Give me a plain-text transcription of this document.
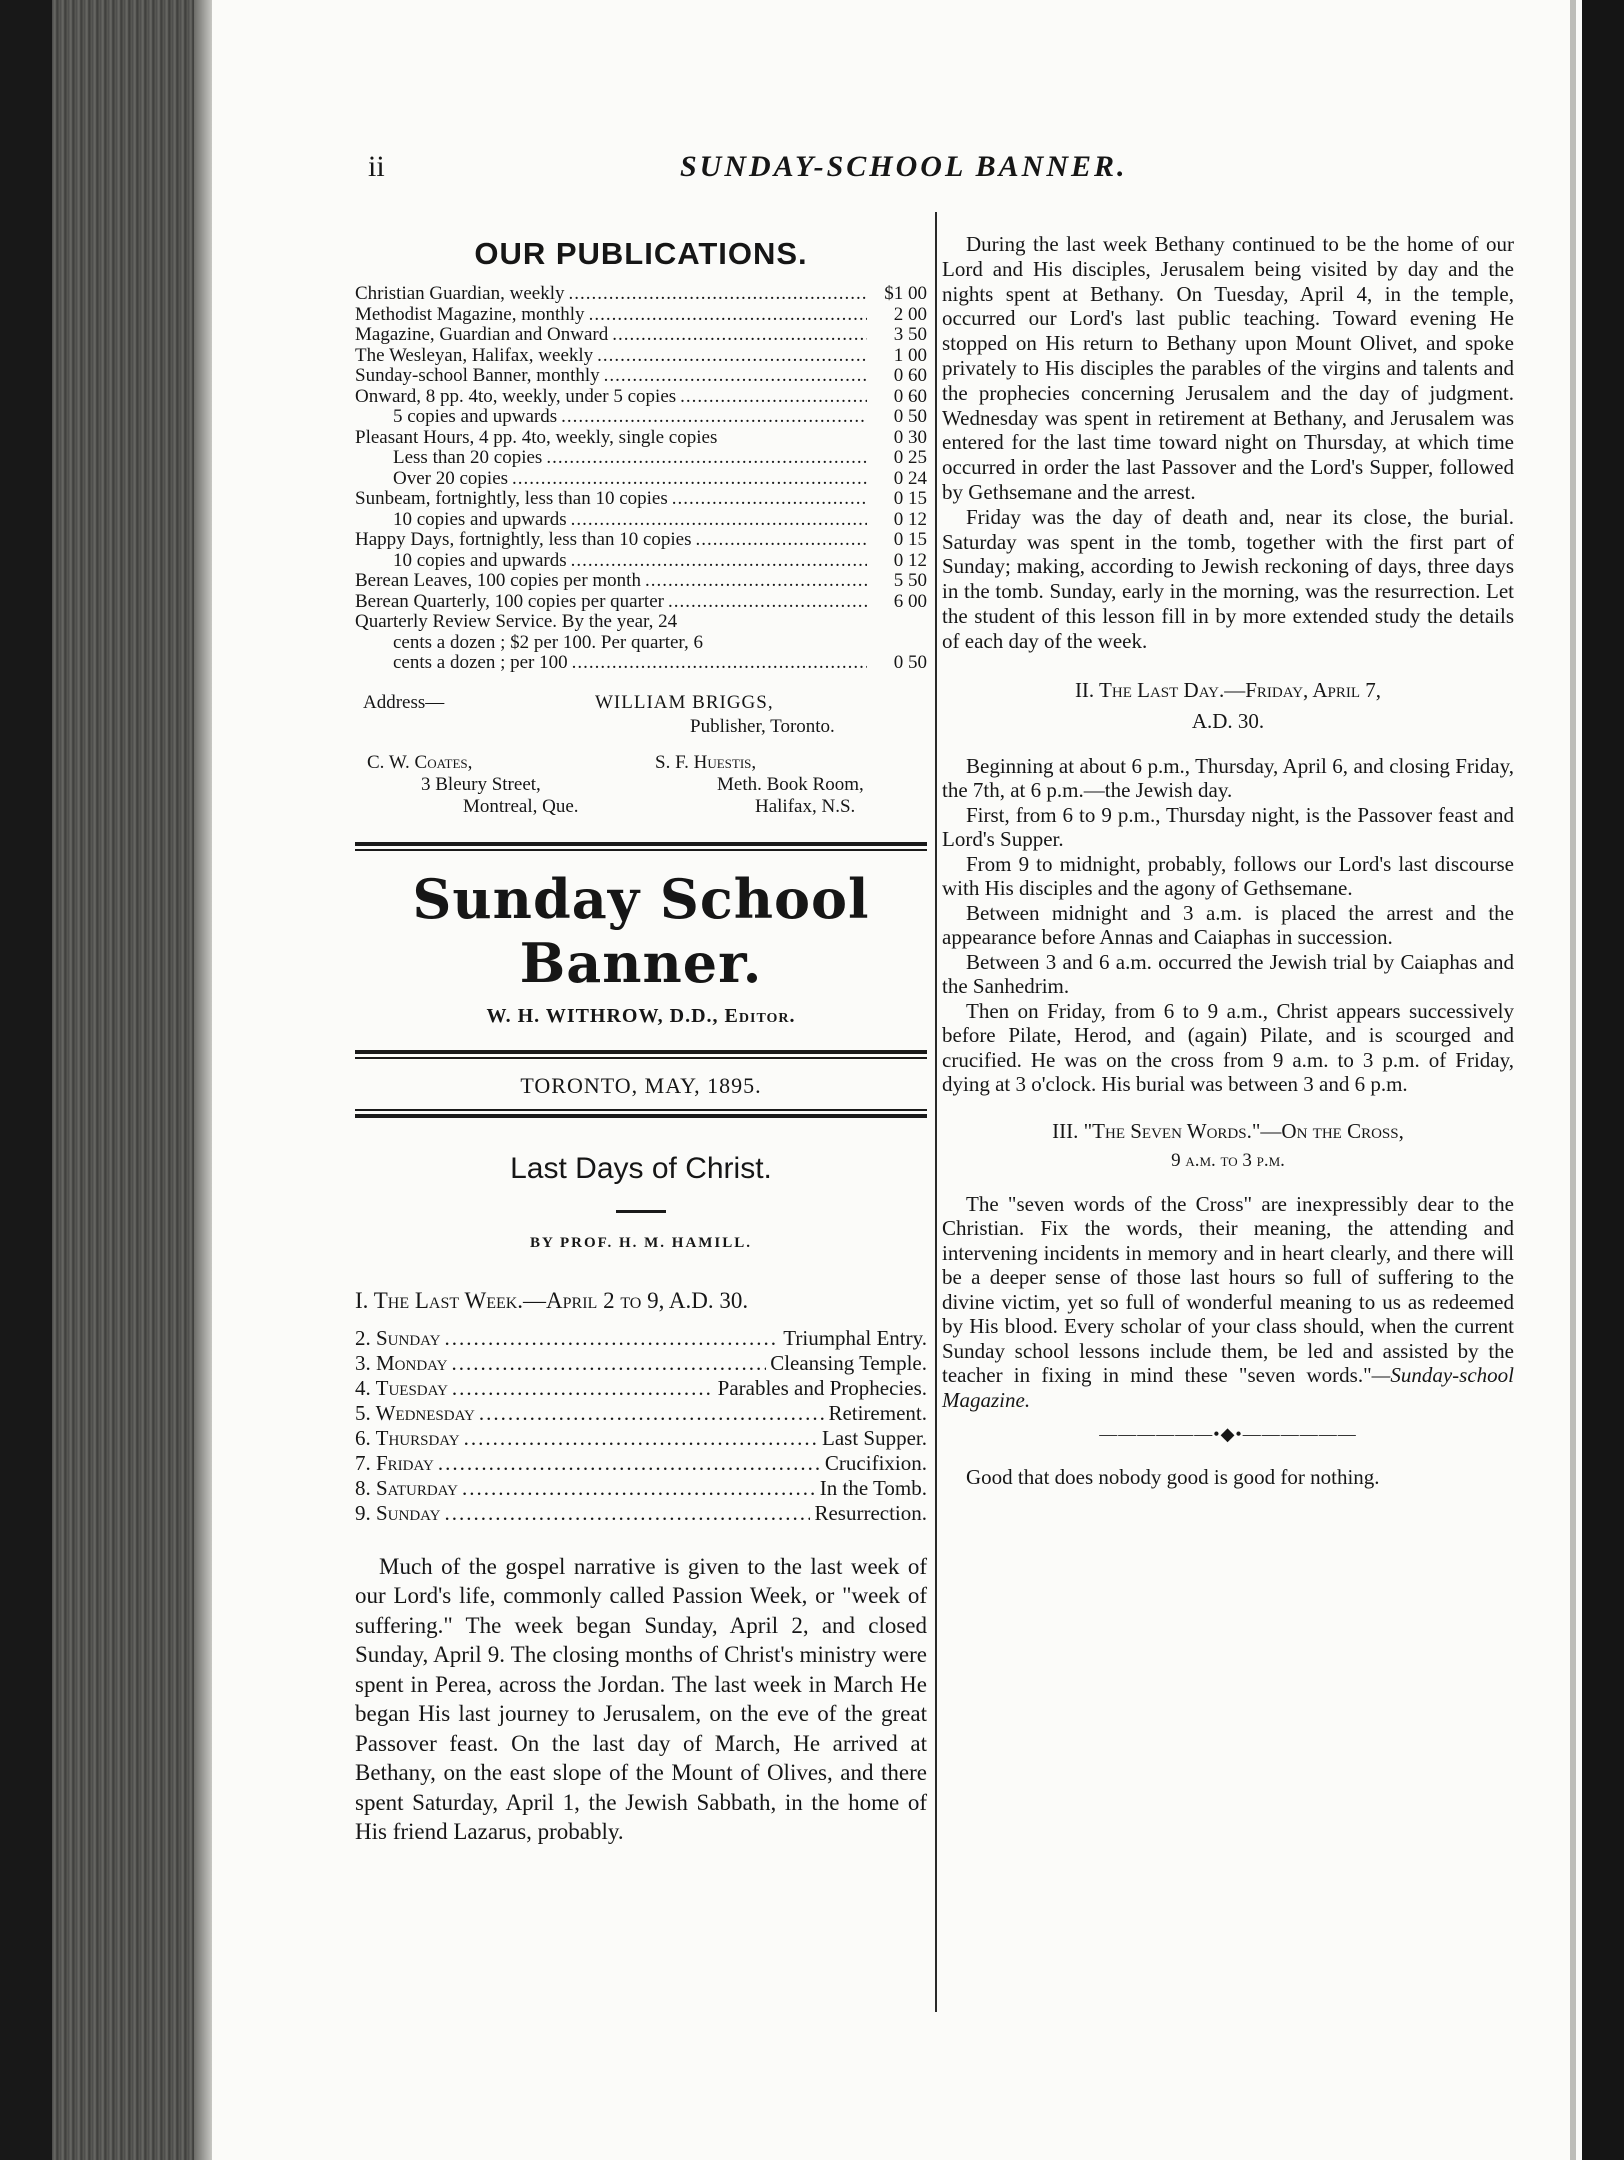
ii	SUNDAY-SCHOOL BANNER.
OUR PUBLICATIONS.
Christian Guardian, weekly .....	$1 00
Methodist Magazine, monthly .....	2 00
Magazine, Guardian and Onward .....	3 50
The Wesleyan, Halifax, weekly .....	1 00
Sunday-school Banner, monthly .....	0 60
Onward, 8 pp. 4to, weekly, under 5 copies .....	0 60
5 copies and upwards .....	0 50
Pleasant Hours, 4 pp. 4to, weekly, single copies	0 30
Less than 20 copies .....	0 25
Over 20 copies .....	0 24
Sunbeam, fortnightly, less than 10 copies .....	0 15
10 copies and upwards .....	0 12
Happy Days, fortnightly, less than 10 copies .....	0 15
10 copies and upwards .....	0 12
Berean Leaves, 100 copies per month .....	5 50
Berean Quarterly, 100 copies per quarter .....	6 00
Quarterly Review Service. By the year, 24
cents a dozen ; $2 per 100. Per quarter, 6
cents a dozen ; per 100 .....	0 50
Address—	WILLIAM BRIGGS,
Publisher, Toronto.
C. W. Coates,
3 Bleury Street,
Montreal, Que.
S. F. Huestis,
Meth. Book Room,
Halifax, N.S.
Sunday School Banner.
W. H. WITHROW, D.D., Editor.
TORONTO, MAY, 1895.
Last Days of Christ.
BY PROF. H. M. HAMILL.
I. The Last Week.—April 2 to 9, A.D. 30.
2. Sunday .....	Triumphal Entry.
3. Monday .....	Cleansing Temple.
4. Tuesday .....	Parables and Prophecies.
5. Wednesday .....	Retirement.
6. Thursday .....	Last Supper.
7. Friday .....	Crucifixion.
8. Saturday .....	In the Tomb.
9. Sunday .....	Resurrection.

Much of the gospel narrative is given to the last week of our Lord's life, commonly called Passion Week, or "week of suffering." The week began Sunday, April 2, and closed Sunday, April 9. The closing months of Christ's ministry were spent in Perea, across the Jordan. The last week in March He began His last journey to Jerusalem, on the eve of the great Passover feast. On the last day of March, He arrived at Bethany, on the east slope of the Mount of Olives, and there spent Saturday, April 1, the Jewish Sabbath, in the home of His friend Lazarus, probably.

During the last week Bethany continued to be the home of our Lord and His disciples, Jerusalem being visited by day and the nights spent at Bethany. On Tuesday, April 4, in the temple, occurred our Lord's last public teaching. Toward evening He stopped on His return to Bethany upon Mount Olivet, and spoke privately to His disciples the parables of the virgins and talents and the prophecies concerning Jerusalem and the day of judgment. Wednesday was spent in retirement at Bethany, and Jerusalem was entered for the last time toward night on Thursday, at which time occurred in order the last Passover and the Lord's Supper, followed by Gethsemane and the arrest.

Friday was the day of death and, near its close, the burial. Saturday was spent in the tomb, together with the first part of Sunday; making, according to Jewish reckoning of days, three days in the tomb. Sunday, early in the morning, was the resurrection. Let the student of this lesson fill in by more extended study the details of each day of the week.

II. The Last Day.—Friday, April 7,
A.D. 30.

Beginning at about 6 p.m., Thursday, April 6, and closing Friday, the 7th, at 6 p.m.—the Jewish day.

First, from 6 to 9 p.m., Thursday night, is the Passover feast and Lord's Supper.

From 9 to midnight, probably, follows our Lord's last discourse with His disciples and the agony of Gethsemane.

Between midnight and 3 a.m. is placed the arrest and the appearance before Annas and Caiaphas in succession.

Between 3 and 6 a.m. occurred the Jewish trial by Caiaphas and the Sanhedrim.

Then on Friday, from 6 to 9 a.m., Christ appears successively before Pilate, Herod, and (again) Pilate, and is scourged and crucified. He was on the cross from 9 a.m. to 3 p.m. of Friday, dying at 3 o'clock. His burial was between 3 and 6 p.m.

III. "The Seven Words."—On the Cross,
9 a.m. to 3 p.m.

The "seven words of the Cross" are inexpressibly dear to the Christian. Fix the words, their meaning, the attending and intervening incidents in memory and in heart clearly, and there will be a deeper sense of those last hours so full of suffering to the divine victim, yet so full of wonderful meaning to us as redeemed by His blood. Every scholar of your class should, when the current Sunday school lessons include them, be led and assisted by the teacher in fixing in mind these "seven words."—Sunday-school Magazine.

——————•◆•——————

Good that does nobody good is good for nothing.
